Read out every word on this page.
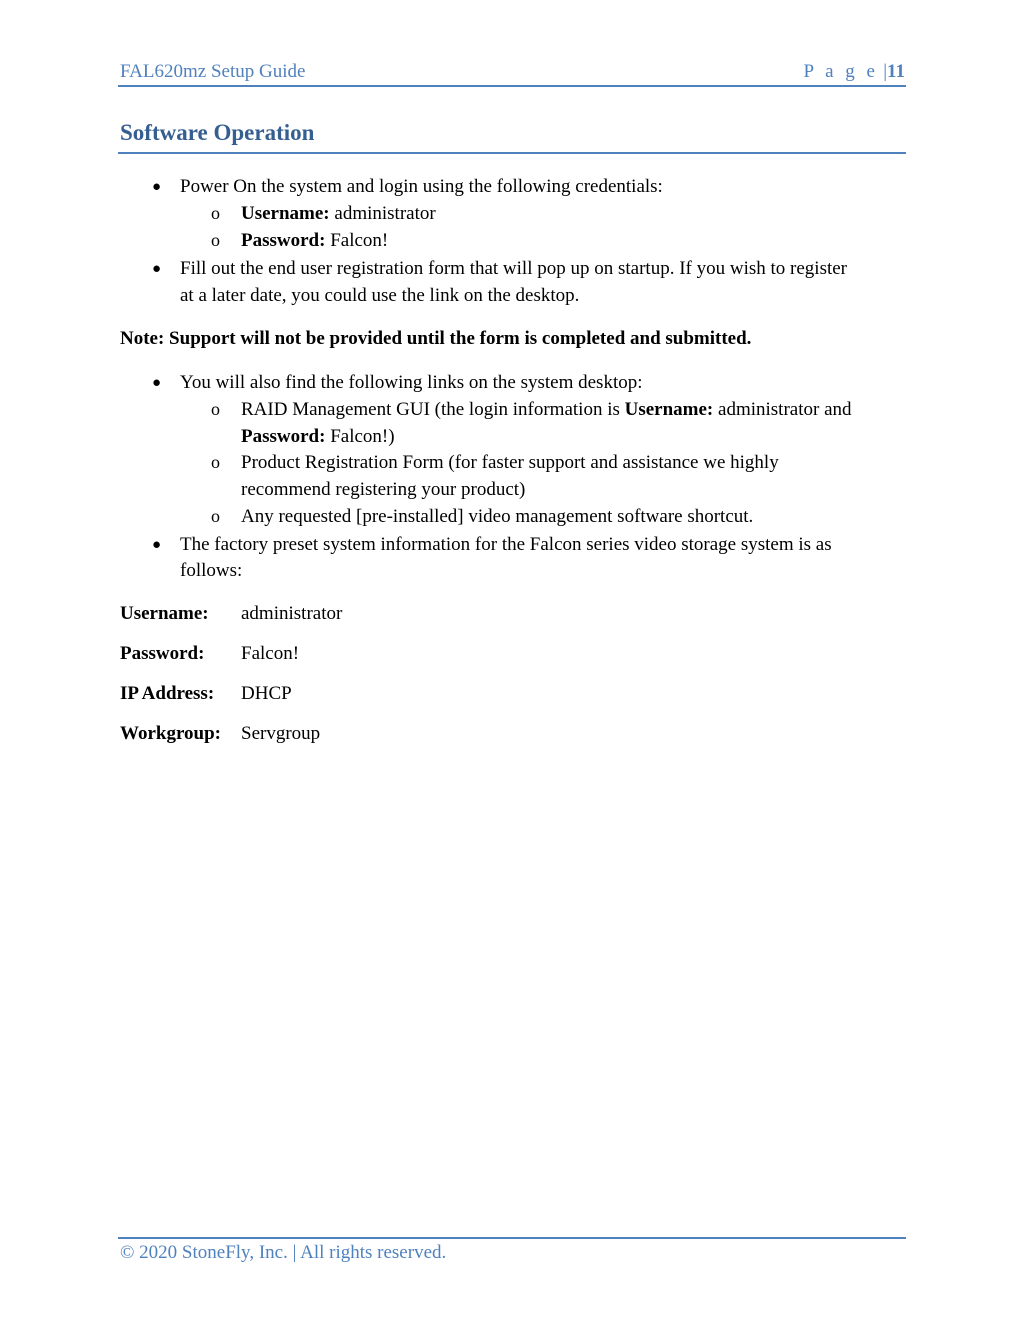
FAL620mz Setup Guide	P a g e |11
Software Operation
● Power On the system and login using the following credentials:
o Username: administrator
o Password: Falcon!
● Fill out the end user registration form that will pop up on startup. If you wish to register
at a later date, you could use the link on the desktop.
Note: Support will not be provided until the form is completed and submitted.
● You will also find the following links on the system desktop:
o RAID Management GUI (the login information is Username: administrator and
Password: Falcon!)
o Product Registration Form (for faster support and assistance we highly
recommend registering your product)
o Any requested [pre-installed] video management software shortcut.
● The factory preset system information for the Falcon series video storage system is as
follows:
Username: administrator
Password: Falcon!
IP Address: DHCP
Workgroup: Servgroup
© 2020 StoneFly, Inc. | All rights reserved.
